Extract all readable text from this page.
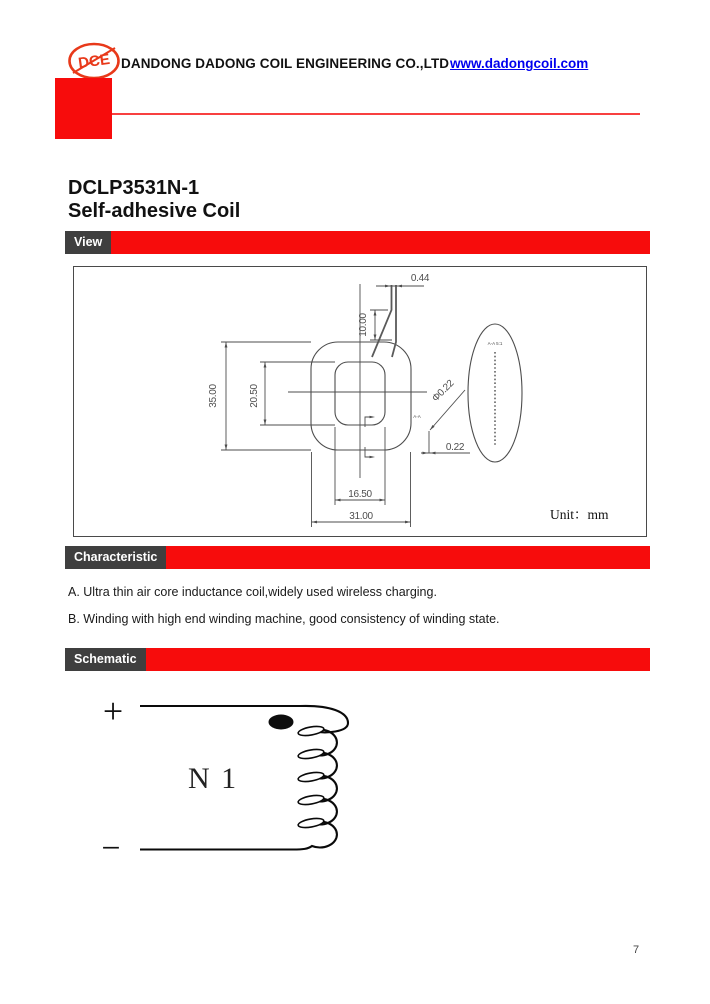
DCE DANDONG DADONG COIL ENGINEERING CO.,LTD www.dadongcoil.com
DCLP3531N-1
Self-adhesive Coil
View
0.44
10.00
35.00	20.50	Φ0.22
A-A
0.22
16.50
31.00
A-A 5:1
Unit：mm
Characteristic
A. Ultra thin air core inductance coil,widely used wireless charging.
B. Winding with high end winding machine, good consistency of winding state.
Schematic
+
−
N 1
7
